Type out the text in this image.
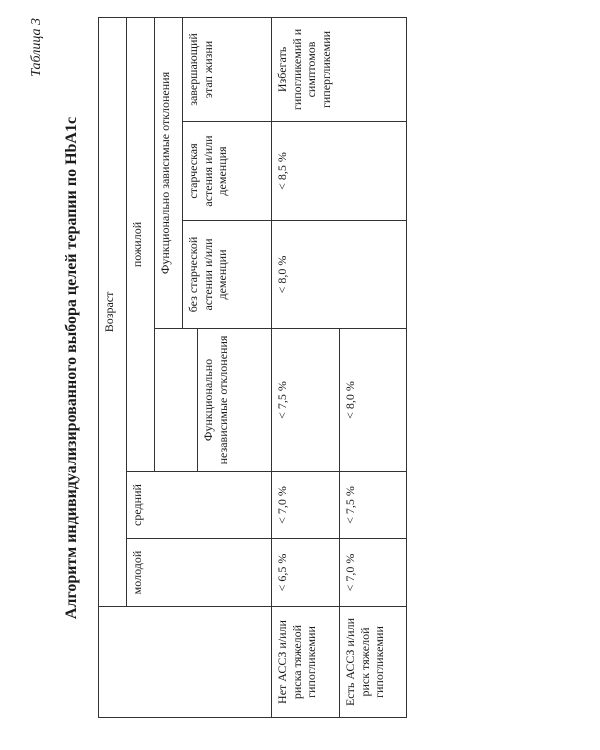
Таблица 3
Алгоритм индивидуализированного выбора целей терапии по HbA1c
		Возраст					
	молодой	средний	пожилой			

Функционально независимые отклонения	Функционально зависимые отклонения		
				без старческой астении и/или деменции	старческая астения и/или деменция	завершающий этап жизни
Нет АССЗ и/или риска тяжелой гипогликемии	< 6,5 %	< 7,0 %	< 7,5 %	< 8,0 %	< 8,5 %	Избегать гипогликемий и симптомов гипергликемии
Есть АССЗ и/или риск тяжелой гипогликемии	< 7,0 %	< 7,5 %	< 8,0 %			
